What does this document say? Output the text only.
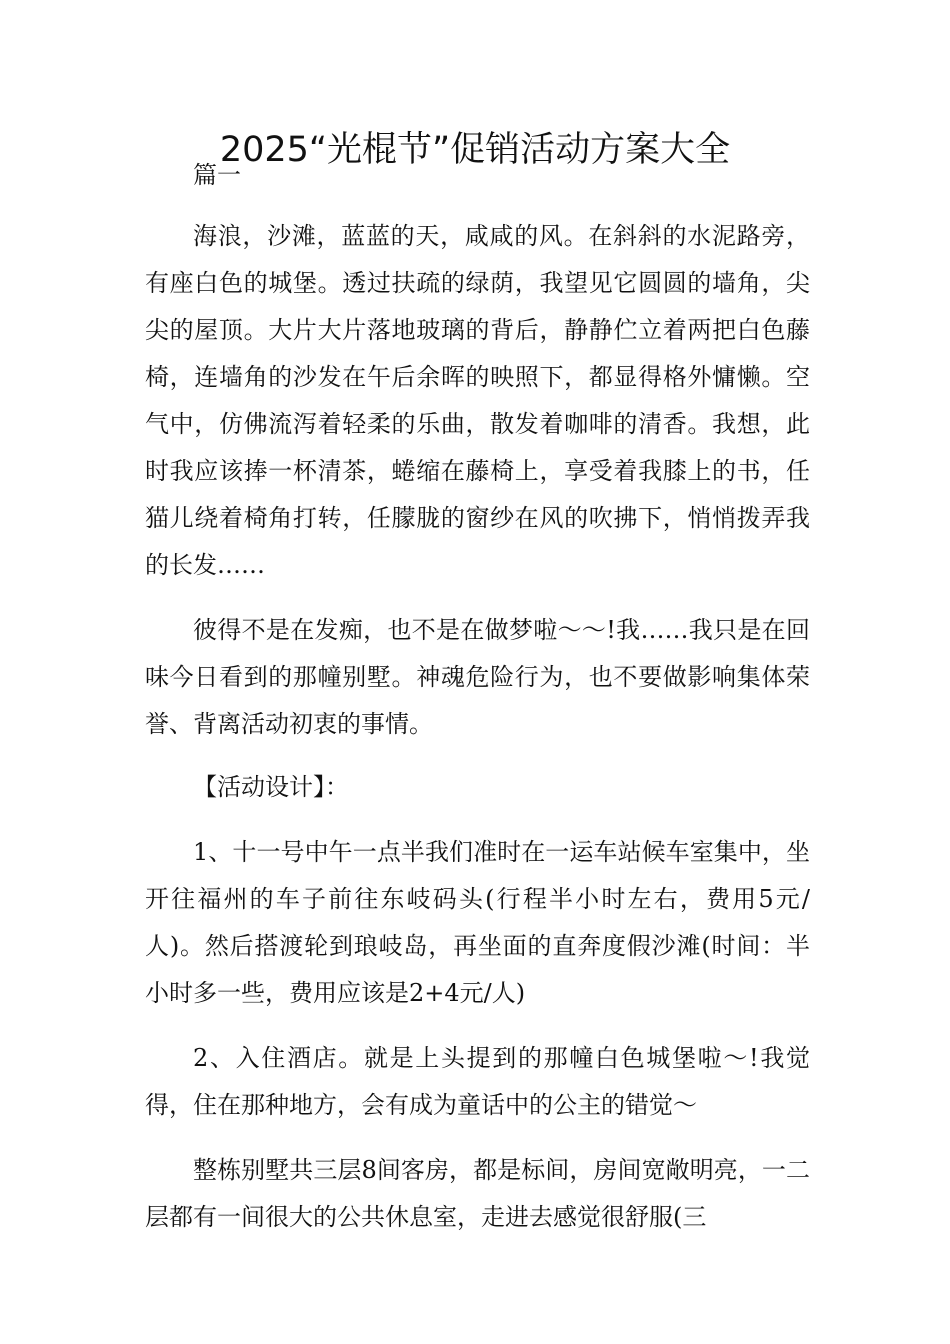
2025“光棍节”促销活动方案大全

篇一

海浪，沙滩，蓝蓝的天，咸咸的风。在斜斜的水泥路旁，有座白色的城堡。透过扶疏的绿荫，我望见它圆圆的墙角，尖尖的屋顶。大片大片落地玻璃的背后，静静伫立着两把白色藤椅，连墙角的沙发在午后余晖的映照下，都显得格外慵懒。空气中，仿佛流泻着轻柔的乐曲，散发着咖啡的清香。我想，此时我应该捧一杯清茶，蜷缩在藤椅上，享受着我膝上的书，任猫儿绕着椅角打转，任朦胧的窗纱在风的吹拂下，悄悄拨弄我的长发……

彼得不是在发痴，也不是在做梦啦～～!我……我只是在回味今日看到的那幢别墅。神魂危险行为，也不要做影响集体荣誉、背离活动初衷的事情。

【活动设计】：

1、十一号中午一点半我们准时在一运车站候车室集中，坐开往福州的车子前往东岐码头(行程半小时左右，费用5元/人)。然后搭渡轮到琅岐岛，再坐面的直奔度假沙滩(时间：半小时多一些，费用应该是2+4元/人)

2、入住酒店。就是上头提到的那幢白色城堡啦～!我觉得，住在那种地方，会有成为童话中的公主的错觉～

整栋别墅共三层8间客房，都是标间，房间宽敞明亮，一二层都有一间很大的公共休息室，走进去感觉很舒服(三
